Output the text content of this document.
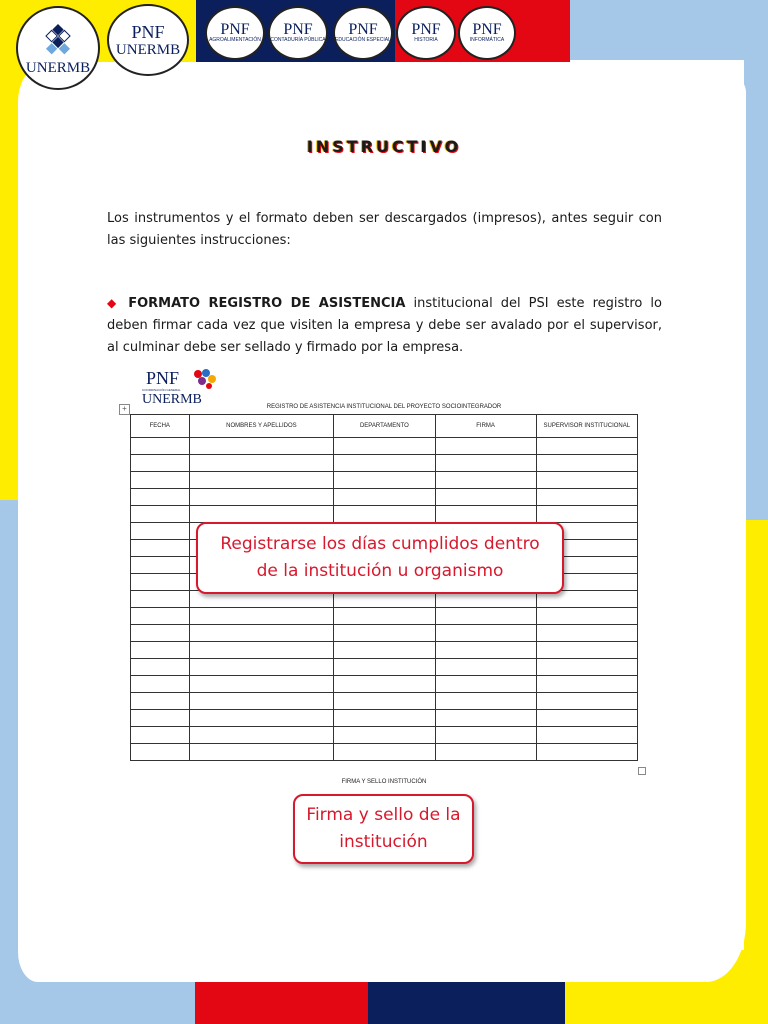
UNERMB
PNF
UNERMB
PNF
AGROALIMENTACIÓN
PNF
CONTADURÍA PÚBLICA
PNF
EDUCACIÓN ESPECIAL
PNF
HISTORIA
PNF
INFORMÁTICA
INSTRUCTIVO
Los instrumentos y el formato deben ser descargados (impresos), antes seguir con las siguientes instrucciones:
◆ FORMATO REGISTRO DE ASISTENCIA institucional del PSI este registro lo deben firmar cada vez que visiten la empresa y debe ser avalado por el supervisor, al culminar debe ser sellado y firmado por la empresa.
PNF
COORDINACIÓN GENERAL
UNERMB
+	REGISTRO DE ASISTENCIA INSTITUCIONAL DEL PROYECTO SOCIOINTEGRADOR
FECHA	NOMBRES Y APELLIDOS	DEPARTAMENTO	FIRMA	SUPERVISOR INSTITUCIONAL

FIRMA Y SELLO INSTITUCIÓN
Registrarse los días cumplidos dentro de la institución u organismo
Firma y sello de la institución
